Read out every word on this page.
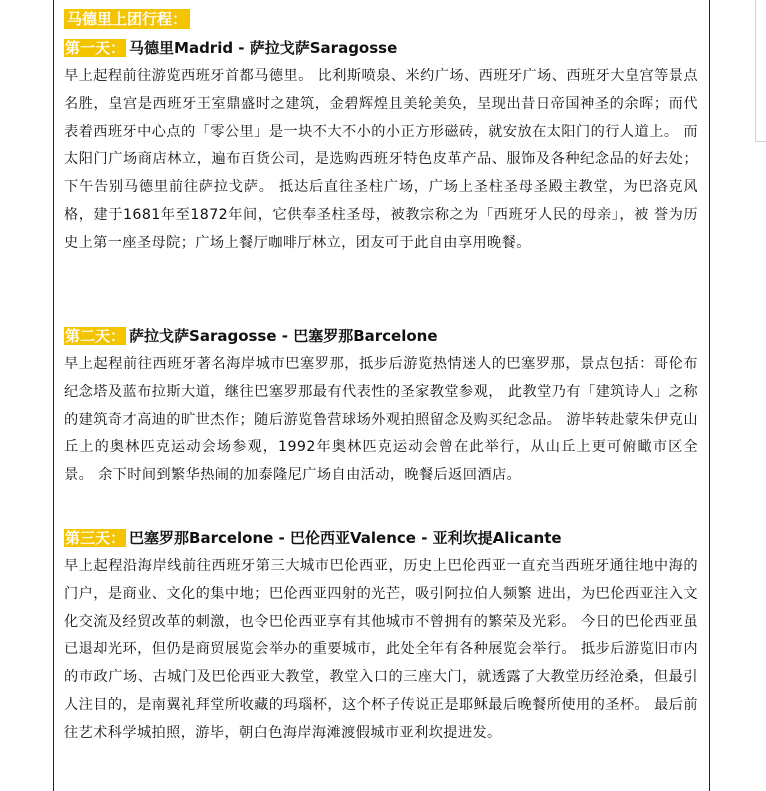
马德里上团行程：
第一天： 马德里Madrid - 萨拉戈萨Saragosse

早上起程前往游览西班牙首都马德里。 比利斯喷泉、米约广场、西班牙广场、西班牙大皇宫等景点名胜，皇宫是西班牙王室鼎盛时之建筑，金碧辉煌且美轮美奂，呈现出昔日帝国神圣的余晖；而代表着西班牙中心点的「零公里」是一块不大不小的小正方形磁砖，就安放在太阳门的行人道上。 而太阳门广场商店林立，遍布百货公司，是选购西班牙特色皮革产品、服饰及各种纪念品的好去处；下午告别马德里前往萨拉戈萨。 抵达后直往圣柱广场，广场上圣柱圣母圣殿主教堂，为巴洛克风格，建于1681年至1872年间，它供奉圣柱圣母，被教宗称之为「西班牙人民的母亲」，被 誉为历史上第一座圣母院；广场上餐厅咖啡厅林立，团友可于此自由享用晚餐。

第二天： 萨拉戈萨Saragosse - 巴塞罗那Barcelone

早上起程前往西班牙著名海岸城市巴塞罗那，抵步后游览热情迷人的巴塞罗那，景点包括：哥伦布纪念塔及蓝布拉斯大道，继往巴塞罗那最有代表性的圣家教堂参观， 此教堂乃有「建筑诗人」之称的建筑奇才高迪的旷世杰作；随后游览鲁营球场外观拍照留念及购买纪念品。 游毕转赴蒙朱伊克山丘上的奥林匹克运动会场参观，1992年奥林匹克运动会曾在此举行，从山丘上更可俯瞰市区全景。 余下时间到繁华热闹的加泰隆尼广场自由活动，晚餐后返回酒店。

第三天： 巴塞罗那Barcelone - 巴伦西亚Valence - 亚利坎提Alicante

早上起程沿海岸线前往西班牙第三大城市巴伦西亚，历史上巴伦西亚一直充当西班牙通往地中海的门户，是商业、文化的集中地；巴伦西亚四射的光芒，吸引阿拉伯人频繁 进出，为巴伦西亚注入文化交流及经贸改革的刺激，也令巴伦西亚享有其他城市不曾拥有的繁荣及光彩。 今日的巴伦西亚虽已退却光环，但仍是商贸展览会举办的重要城市，此处全年有各种展览会举行。 抵步后游览旧市内的市政广场、古城门及巴伦西亚大教堂，教堂入口的三座大门，就透露了大教堂历经沧桑，但最引人注目的，是南翼礼拜堂所收藏的玛瑙杯，这个杯子传说正是耶稣最后晚餐所使用的圣杯。 最后前往艺术科学城拍照，游毕，朝白色海岸海滩渡假城市亚利坎提进发。
